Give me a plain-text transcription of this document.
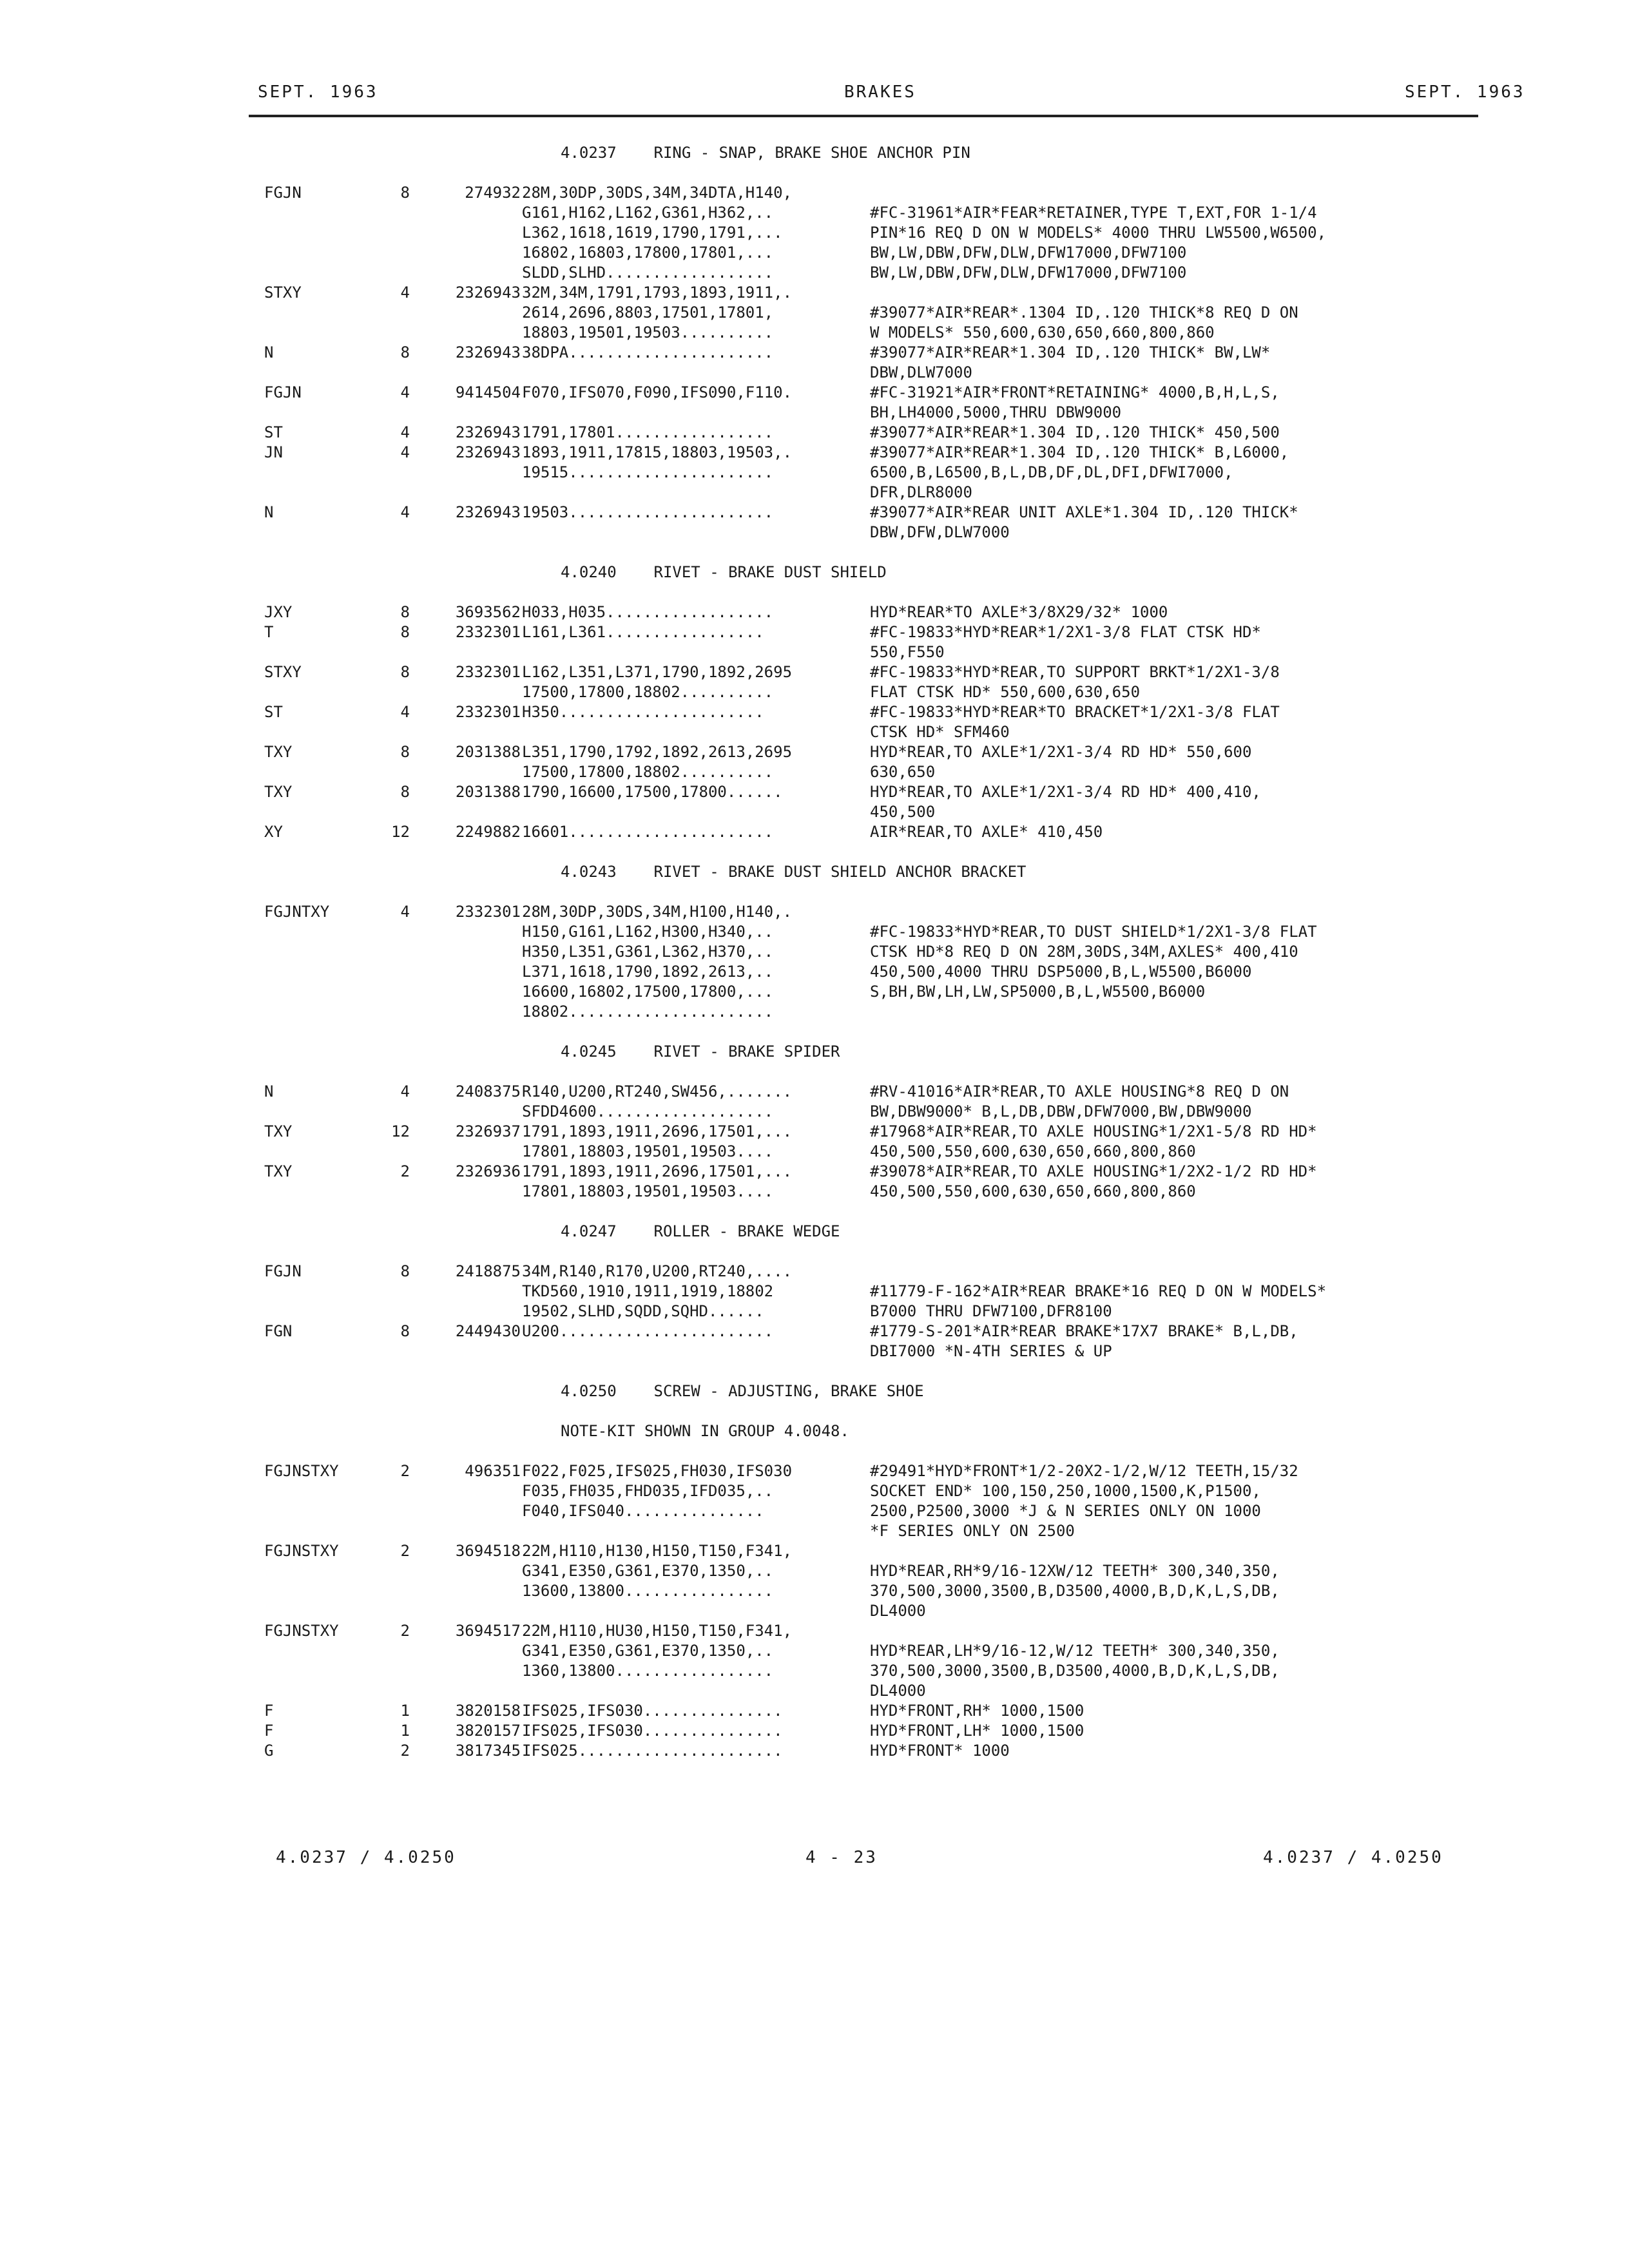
SEPT. 1963	BRAKES	SEPT. 1963
4.0237    RING - SNAP, BRAKE SHOE ANCHOR PIN
FGJN	8	274932 28M,30DP,30DS,34M,34DTA,H140,
G161,H162,L162,G361,H362,..	#FC-31961*AIR*FEAR*RETAINER,TYPE T,EXT,FOR 1-1/4
L362,1618,1619,1790,1791,...	PIN*16 REQ D ON W MODELS* 4000 THRU LW5500,W6500,
16802,16803,17800,17801,...	BW,LW,DBW,DFW,DLW,DFW17000,DFW7100
SLDD,SLHD..................	BW,LW,DBW,DFW,DLW,DFW17000,DFW7100
STXY	4	2326943 32M,34M,1791,1793,1893,1911,.
2614,2696,8803,17501,17801,	#39077*AIR*REAR*.1304 ID,.120 THICK*8 REQ D ON
18803,19501,19503..........	W MODELS* 550,600,630,650,660,800,860
N	8	2326943 38DPA......................	#39077*AIR*REAR*1.304 ID,.120 THICK* BW,LW*
DBW,DLW7000
FGJN	4	9414504 F070,IFS070,F090,IFS090,F110.	#FC-31921*AIR*FRONT*RETAINING* 4000,B,H,L,S,
BH,LH4000,5000,THRU DBW9000
ST	4	2326943 1791,17801.................	#39077*AIR*REAR*1.304 ID,.120 THICK* 450,500
JN	4	2326943 1893,1911,17815,18803,19503,.	#39077*AIR*REAR*1.304 ID,.120 THICK* B,L6000,
19515......................	6500,B,L6500,B,L,DB,DF,DL,DFI,DFWI7000,
DFR,DLR8000
N	4	2326943 19503......................	#39077*AIR*REAR UNIT AXLE*1.304 ID,.120 THICK*
DBW,DFW,DLW7000
4.0240    RIVET - BRAKE DUST SHIELD
JXY	8	3693562 H033,H035..................	HYD*REAR*TO AXLE*3/8X29/32* 1000
T	8	2332301 L161,L361.................	#FC-19833*HYD*REAR*1/2X1-3/8 FLAT CTSK HD*
550,F550
STXY	8	2332301 L162,L351,L371,1790,1892,2695	#FC-19833*HYD*REAR,TO SUPPORT BRKT*1/2X1-3/8
17500,17800,18802..........	FLAT CTSK HD* 550,600,630,650
ST	4	2332301 H350......................	#FC-19833*HYD*REAR*TO BRACKET*1/2X1-3/8 FLAT
CTSK HD* SFM460
TXY	8	2031388 L351,1790,1792,1892,2613,2695	HYD*REAR,TO AXLE*1/2X1-3/4 RD HD* 550,600
17500,17800,18802..........	630,650
TXY	8	2031388 1790,16600,17500,17800......	HYD*REAR,TO AXLE*1/2X1-3/4 RD HD* 400,410,
450,500
XY	12	2249882 16601......................	AIR*REAR,TO AXLE* 410,450
4.0243    RIVET - BRAKE DUST SHIELD ANCHOR BRACKET
FGJNTXY	4	2332301 28M,30DP,30DS,34M,H100,H140,.
H150,G161,L162,H300,H340,..	#FC-19833*HYD*REAR,TO DUST SHIELD*1/2X1-3/8 FLAT
H350,L351,G361,L362,H370,..	CTSK HD*8 REQ D ON 28M,30DS,34M,AXLES* 400,410
L371,1618,1790,1892,2613,..	450,500,4000 THRU DSP5000,B,L,W5500,B6000
16600,16802,17500,17800,...	S,BH,BW,LH,LW,SP5000,B,L,W5500,B6000
18802......................
4.0245    RIVET - BRAKE SPIDER
N	4	2408375 R140,U200,RT240,SW456,.......	#RV-41016*AIR*REAR,TO AXLE HOUSING*8 REQ D ON
SFDD4600...................	BW,DBW9000* B,L,DB,DBW,DFW7000,BW,DBW9000
TXY	12	2326937 1791,1893,1911,2696,17501,...	#17968*AIR*REAR,TO AXLE HOUSING*1/2X1-5/8 RD HD*
17801,18803,19501,19503....	450,500,550,600,630,650,660,800,860
TXY	2	2326936 1791,1893,1911,2696,17501,...	#39078*AIR*REAR,TO AXLE HOUSING*1/2X2-1/2 RD HD*
17801,18803,19501,19503....	450,500,550,600,630,650,660,800,860
4.0247    ROLLER - BRAKE WEDGE
FGJN	8	2418875 34M,R140,R170,U200,RT240,....
TKD560,1910,1911,1919,18802	#11779-F-162*AIR*REAR BRAKE*16 REQ D ON W MODELS*
19502,SLHD,SQDD,SQHD......	B7000 THRU DFW7100,DFR8100
FGN	8	2449430 U200.......................	#1779-S-201*AIR*REAR BRAKE*17X7 BRAKE* B,L,DB,
DBI7000 *N-4TH SERIES & UP
4.0250    SCREW - ADJUSTING, BRAKE SHOE
NOTE-KIT SHOWN IN GROUP 4.0048.
FGJNSTXY	2	496351 F022,F025,IFS025,FH030,IFS030	#29491*HYD*FRONT*1/2-20X2-1/2,W/12 TEETH,15/32
F035,FH035,FHD035,IFD035,..	SOCKET END* 100,150,250,1000,1500,K,P1500,
F040,IFS040...............	2500,P2500,3000 *J & N SERIES ONLY ON 1000
*F SERIES ONLY ON 2500
FGJNSTXY	2	3694518 22M,H110,H130,H150,T150,F341,
G341,E350,G361,E370,1350,..	HYD*REAR,RH*9/16-12XW/12 TEETH* 300,340,350,
13600,13800................	370,500,3000,3500,B,D3500,4000,B,D,K,L,S,DB,
DL4000
FGJNSTXY	2	3694517 22M,H110,HU30,H150,T150,F341,
G341,E350,G361,E370,1350,..	HYD*REAR,LH*9/16-12,W/12 TEETH* 300,340,350,
1360,13800.................	370,500,3000,3500,B,D3500,4000,B,D,K,L,S,DB,
DL4000
F	1	3820158 IFS025,IFS030...............	HYD*FRONT,RH* 1000,1500
F	1	3820157 IFS025,IFS030...............	HYD*FRONT,LH* 1000,1500
G	2	3817345 IFS025......................	HYD*FRONT* 1000
4.0237 / 4.0250	4 - 23	4.0237 / 4.0250
